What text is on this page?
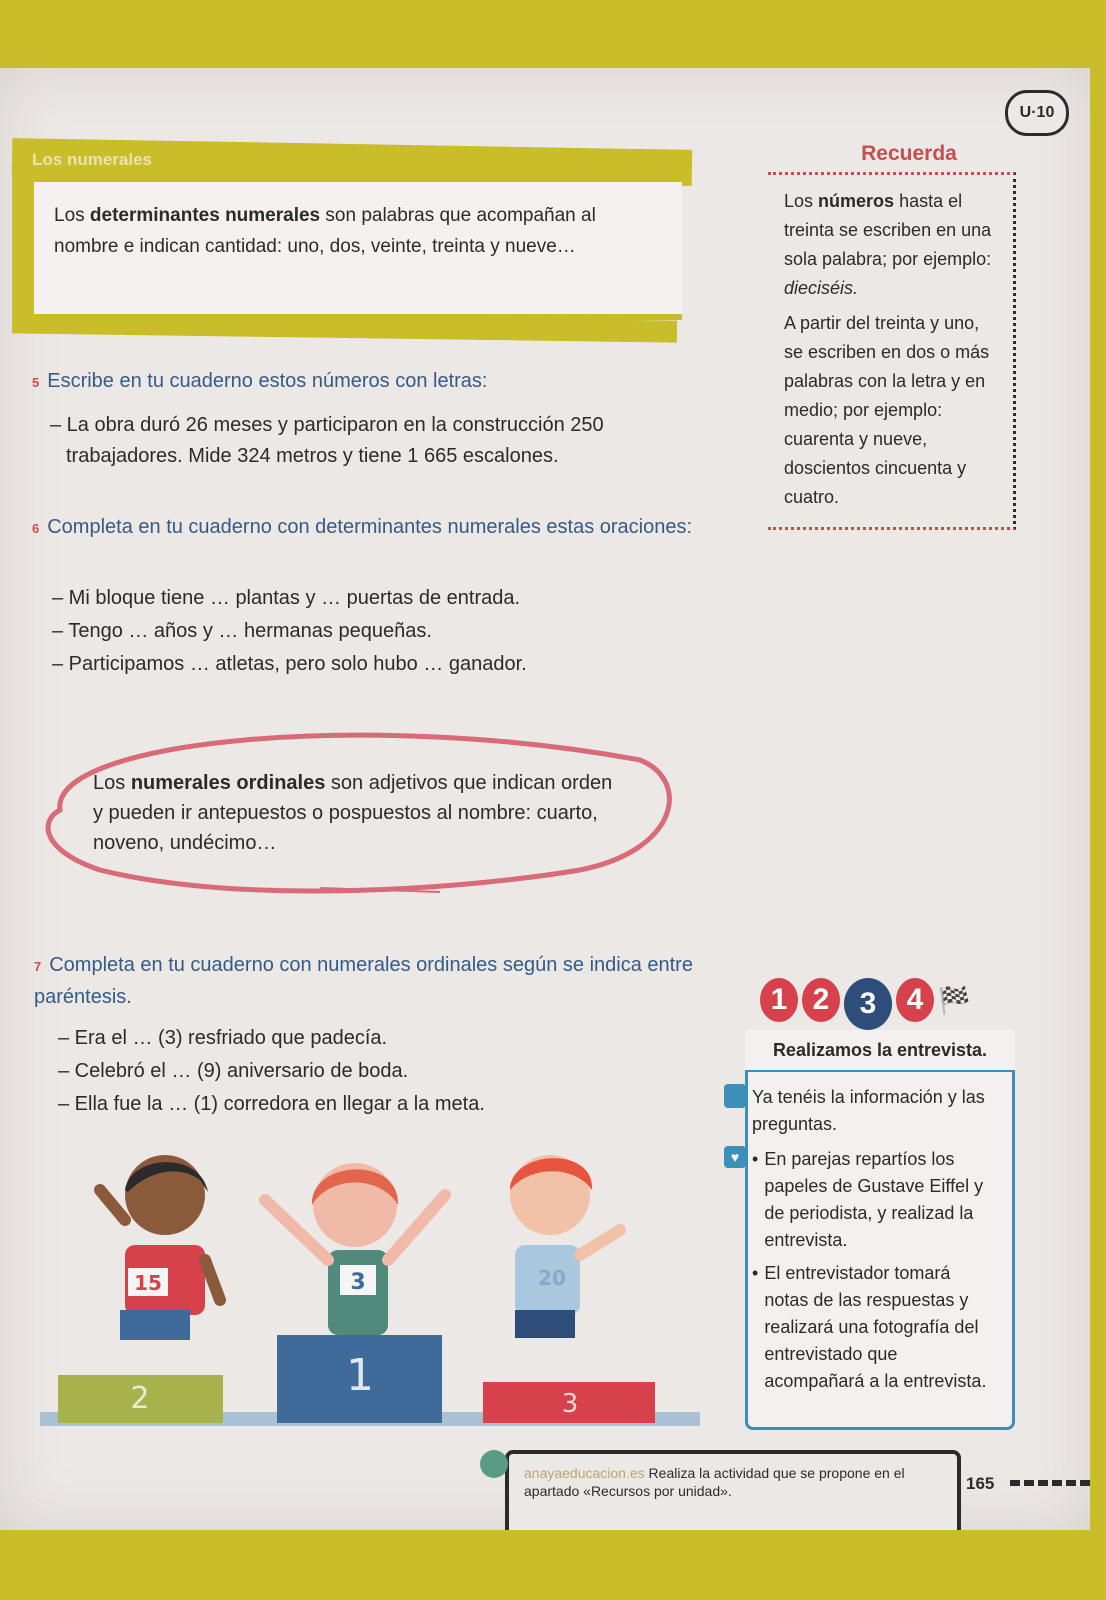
U·10
Los numerales
Los determinantes numerales son palabras que acompañan al nombre e indican cantidad: uno, dos, veinte, treinta y nueve…
Recuerda

Los números hasta el treinta se escriben en una sola palabra; por ejemplo: dieciséis.

A partir del treinta y uno, se escriben en dos o más palabras con la letra y en medio; por ejemplo: cuarenta y nueve, doscientos cincuenta y cuatro.

5 Escribe en tu cuaderno estos números con letras:
– La obra duró 26 meses y participaron en la construcción 250 trabajadores. Mide 324 metros y tiene 1 665 escalones.
6 Completa en tu cuaderno con determinantes numerales estas oraciones:
– Mi bloque tiene … plantas y … puertas de entrada.
– Tengo … años y … hermanas pequeñas.
– Participamos … atletas, pero solo hubo … ganador.
Los numerales ordinales son adjetivos que indican orden y pueden ir antepuestos o pospuestos al nombre: cuarto, noveno, undécimo…
7 Completa en tu cuaderno con numerales ordinales según se indica entre paréntesis.
– Era el … (3) resfriado que padecía.
– Celebró el … (9) aniversario de boda.
– Ella fue la … (1) corredora en llegar a la meta.
2	1
3
15	3	20
1 2	3	4 🏁
Ya tenéis la información y las preguntas.
♥ • En parejas repartíos los papeles de Gustave Eiffel y de periodista, y realizad la entrevista.
• El entrevistador tomará notas de las respuestas y realizará una fotografía del entrevistado que acompañará a la entrevista.
Realizamos la entrevista.
anayaeducacion.es Realiza la actividad que se propone en el apartado «Recursos por unidad».	165
